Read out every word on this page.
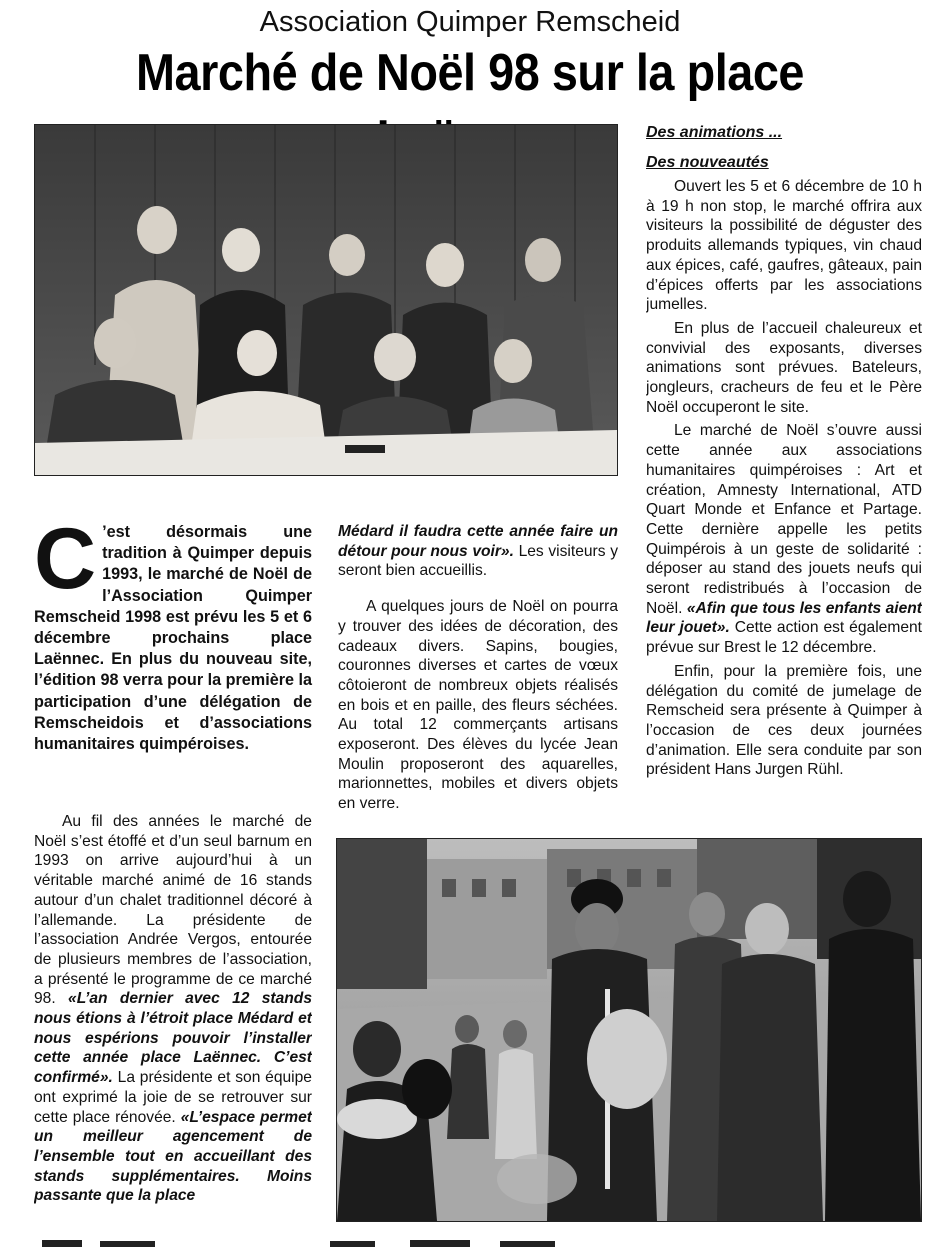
Association Quimper Remscheid
Marché de Noël 98 sur la place

Des animations ...

Des nouveautés

Ouvert les 5 et 6 décembre de 10 h à 19 h non stop, le marché offrira aux visiteurs la possibilité de déguster des produits allemands typiques, vin chaud aux épices, café, gaufres, gâteaux, pain d’épices offerts par les associations jumelles.

En plus de l’accueil chaleureux et convivial des exposants, diverses animations sont prévues. Bateleurs, jongleurs, cracheurs de feu et le Père Noël occuperont le site.

Le marché de Noël s’ouvre aussi cette année aux associations humanitaires quimpéroises : Art et création, Amnesty International, ATD Quart Monde et Enfance et Partage. Cette dernière appelle les petits Quimpérois à un geste de solidarité : déposer au stand des jouets neufs qui seront redistribués à l’occasion de Noël. «Afin que tous les enfants aient leur jouet». Cette action est également prévue sur Brest le 12 décembre.

Enfin, pour la première fois, une délégation du comité de jumelage de Remscheid sera présente à Quimper à l’occasion de ces deux journées d’animation. Elle sera conduite par son président Hans Jurgen Rühl.

C ’est désormais une tradition à Quimper depuis 1993, le marché de Noël de l’Association Quimper Remscheid 1998 est prévu les 5 et 6 décembre prochains place Laënnec. En plus du nouveau site, l’édition 98 verra pour la première la participation d’une délégation de Remscheidois et d’associations humanitaires quimpéroises.

Au fil des années le marché de Noël s’est étoffé et d’un seul barnum en 1993 on arrive aujourd’hui à un véritable marché animé de 16 stands autour d’un chalet traditionnel décoré à l’allemande. La présidente de l’association Andrée Vergos, entourée de plusieurs membres de l’association, a présenté le programme de ce marché 98. «L’an dernier avec 12 stands nous étions à l’étroit place Médard et nous espérions pouvoir l’installer cette année place Laënnec. C’est confirmé». La présidente et son équipe ont exprimé la joie de se retrouver sur cette place rénovée. «L’espace permet un meilleur agencement de l’ensemble tout en accueillant des stands supplémentaires. Moins passante que la place

Médard il faudra cette année faire un détour pour nous voir». Les visiteurs y seront bien accueillis.

A quelques jours de Noël on pourra y trouver des idées de décoration, des cadeaux divers. Sapins, bougies, couronnes diverses et cartes de vœux côtoieront de nombreux objets réalisés en bois et en paille, des fleurs séchées. Au total 12 commerçants artisans exposeront. Des élèves du lycée Jean Moulin proposeront des aquarelles, marionnettes, mobiles et divers objets en verre.
